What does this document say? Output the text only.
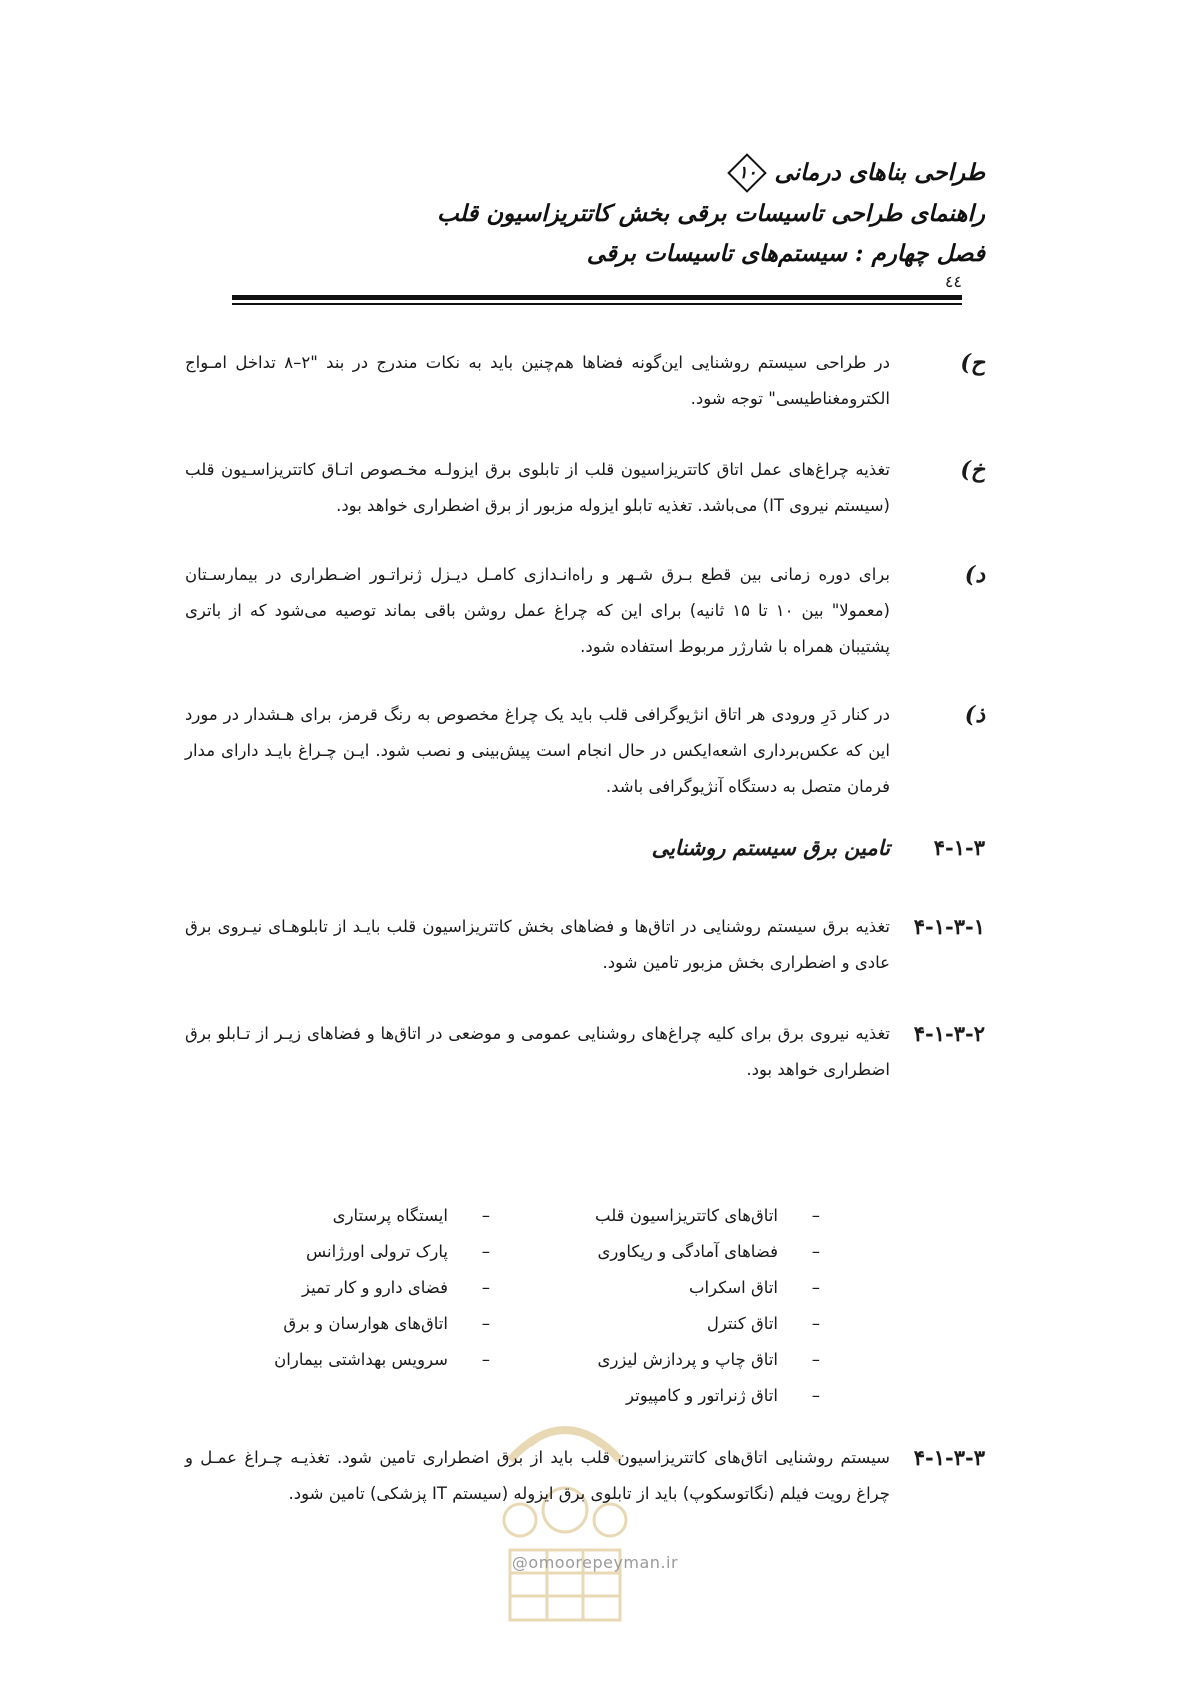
طراحی بناهای درمانی
۱۰
راهنمای طراحی تاسیسات برقی بخش کاتتریزاسیون قلب
فصل چهارم : سیستم‌های تاسیسات برقی
٤٤
ح)
در طراحی سیستم روشنایی این‌گونه فضاها هم‌چنین باید به نکات مندرج در بند "۲–۸ تداخل امـواج الکترومغناطیسی" توجه شود.
خ)
تغذیه چراغ‌های عمل اتاق کاتتریزاسیون قلب از تابلوی برق ایزولـه مخـصوص اتـاق کاتتریزاسـیون قلب (سیستم نیروی IT) می‌باشد. تغذیه تابلو ایزوله مزبور از برق اضطراری خواهد بود.
د)
برای دوره زمانی بین قطع بـرق شـهر و راه‌انـدازی کامـل دیـزل ژنراتـور اضـطراری در بیمارسـتان (معمولا" بین ۱۰ تا ۱۵ ثانیه) برای این که چراغ عمل روشن باقی بماند توصیه می‌شود که از باتری پشتیبان همراه با شارژر مربوط استفاده شود.
ذ)
در کنار دَرِ ورودی هر اتاق انژیوگرافی قلب باید یک چراغ مخصوص به رنگ قرمز، برای هـشدار در مورد این که عکس‌برداری اشعه‌ایکس در حال انجام است پیش‌بینی و نصب شود. ایـن چـراغ بایـد دارای مدار فرمان متصل به دستگاه آنژیوگرافی باشد.
۴-۱-۳
تامین برق سیستم روشنایی
۴-۱-۳-۱
تغذیه برق سیستم روشنایی در اتاق‌ها و فضاهای بخش کاتتریزاسیون قلب بایـد از تابلوهـای نیـروی برق عادی و اضطراری بخش مزبور تامین شود.
۴-۱-۳-۲
تغذیه نیروی برق برای کلیه چراغ‌های روشنایی عمومی و موضعی در اتاق‌ها و فضاهای زیـر از تـابلو برق اضطراری خواهد بود.
–اتاق‌های کاتتریزاسیون قلب
–فضاهای آمادگی و ریکاوری
–اتاق اسکراب
–اتاق کنترل
–اتاق چاپ و پردازش لیزری
–اتاق ژنراتور و کامپیوتر
–ایستگاه پرستاری
–پارک ترولی اورژانس
–فضای دارو و کار تمیز
–اتاق‌های هوارسان و برق
–سرویس بهداشتی بیماران
۴-۱-۳-۳
سیستم روشنایی اتاق‌های کاتتریزاسیون قلب باید از برق اضطراری تامین شود. تغذیـه چـراغ عمـل و چراغ رویت فیلم (نگاتوسکوپ) باید از تابلوی برق ایزوله (سیستم IT پزشکی) تامین شود.
@omoorepeyman.ir
